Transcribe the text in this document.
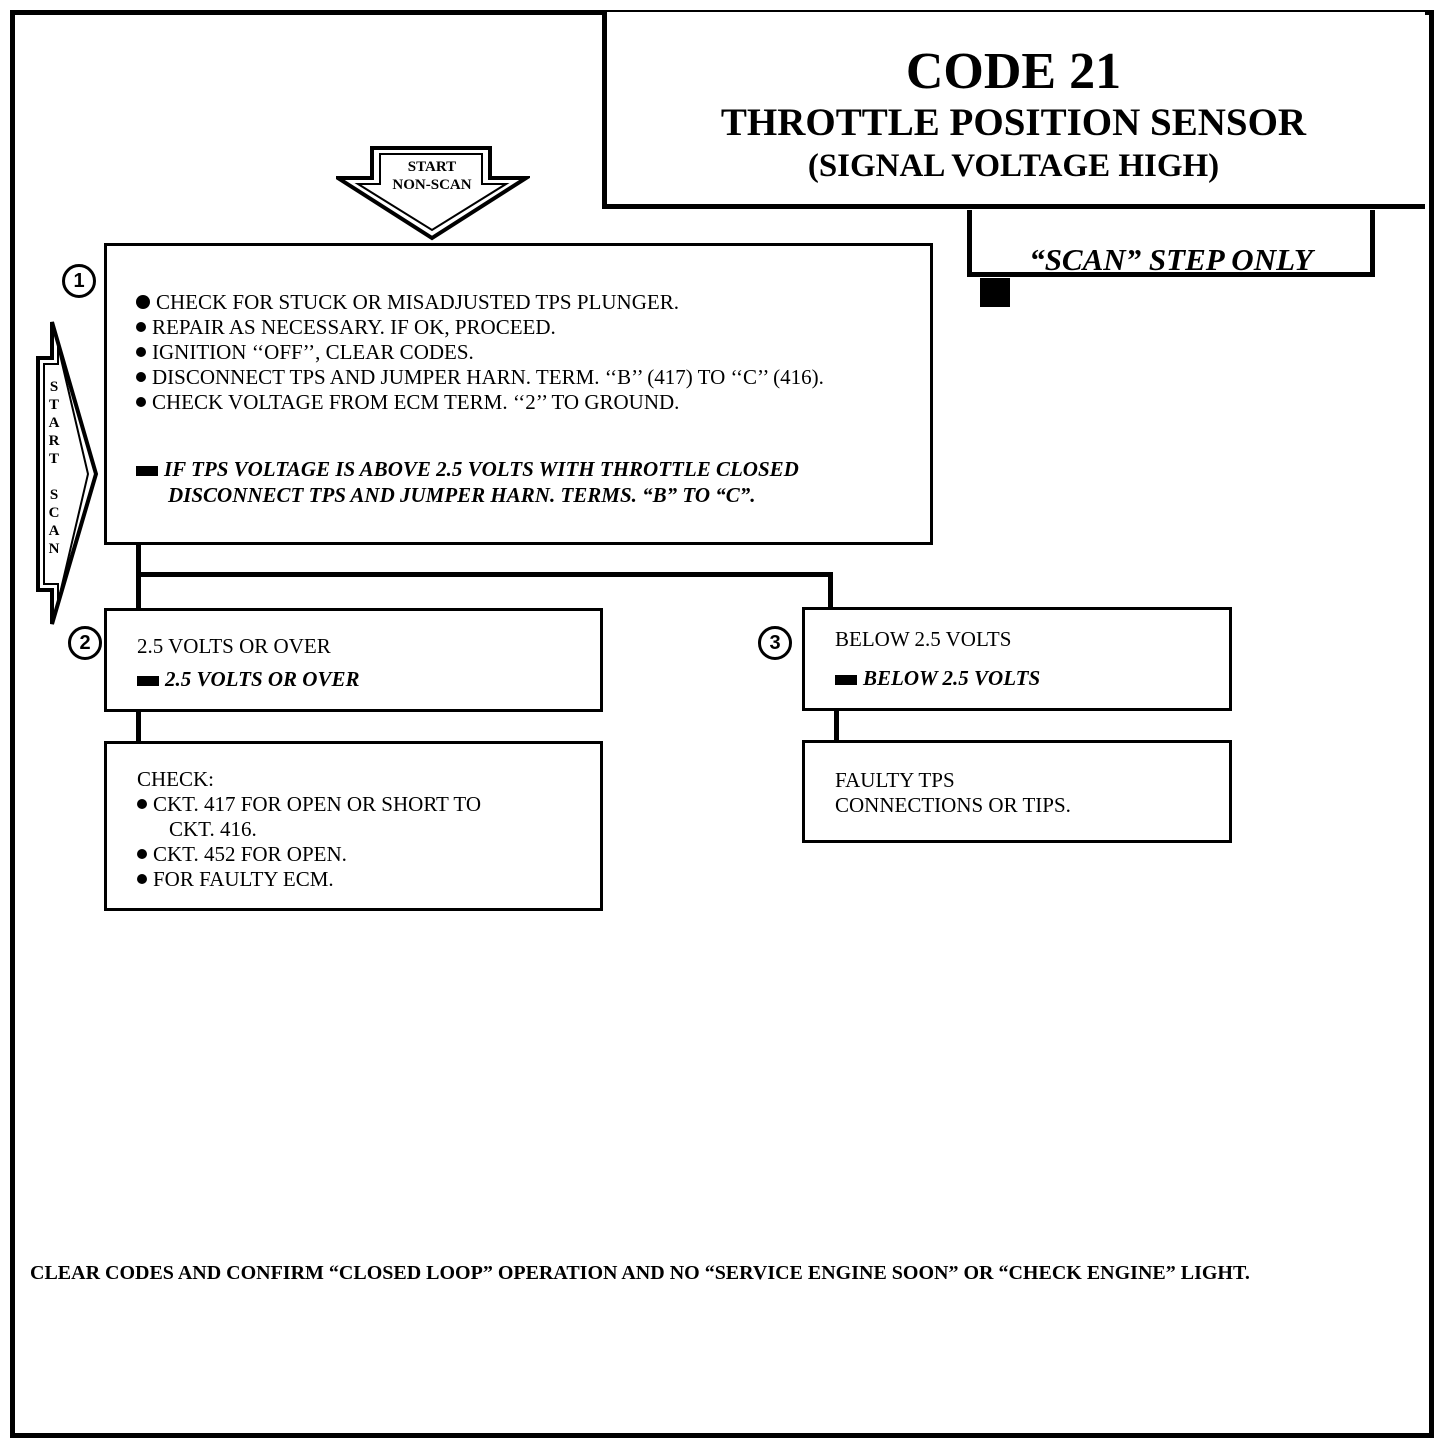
CODE 21
THROTTLE POSITION SENSOR
(SIGNAL VOLTAGE HIGH)
“SCAN” STEP ONLY
START
NON-SCAN
S
T
A
R
T
S
C
A
N
1
CHECK FOR STUCK OR MISADJUSTED TPS PLUNGER.
REPAIR AS NECESSARY. IF OK, PROCEED.
IGNITION ‘‘OFF’’, CLEAR CODES.
DISCONNECT TPS AND JUMPER HARN. TERM. ‘‘B’’ (417) TO ‘‘C’’ (416).
CHECK VOLTAGE FROM ECM TERM. ‘‘2’’ TO GROUND.
IF TPS VOLTAGE IS ABOVE 2.5 VOLTS WITH THROTTLE CLOSED
DISCONNECT TPS AND JUMPER HARN. TERMS. “B” TO “C”.
2	2.5 VOLTS OR OVER
2.5 VOLTS OR OVER
3	BELOW 2.5 VOLTS
BELOW 2.5 VOLTS
CHECK:
CKT. 417 FOR OPEN OR SHORT TO
CKT. 416.
CKT. 452 FOR OPEN.
FOR FAULTY ECM.
FAULTY TPS
CONNECTIONS OR TIPS.
CLEAR CODES AND CONFIRM “CLOSED LOOP” OPERATION AND NO “SERVICE ENGINE SOON” OR “CHECK ENGINE” LIGHT.
